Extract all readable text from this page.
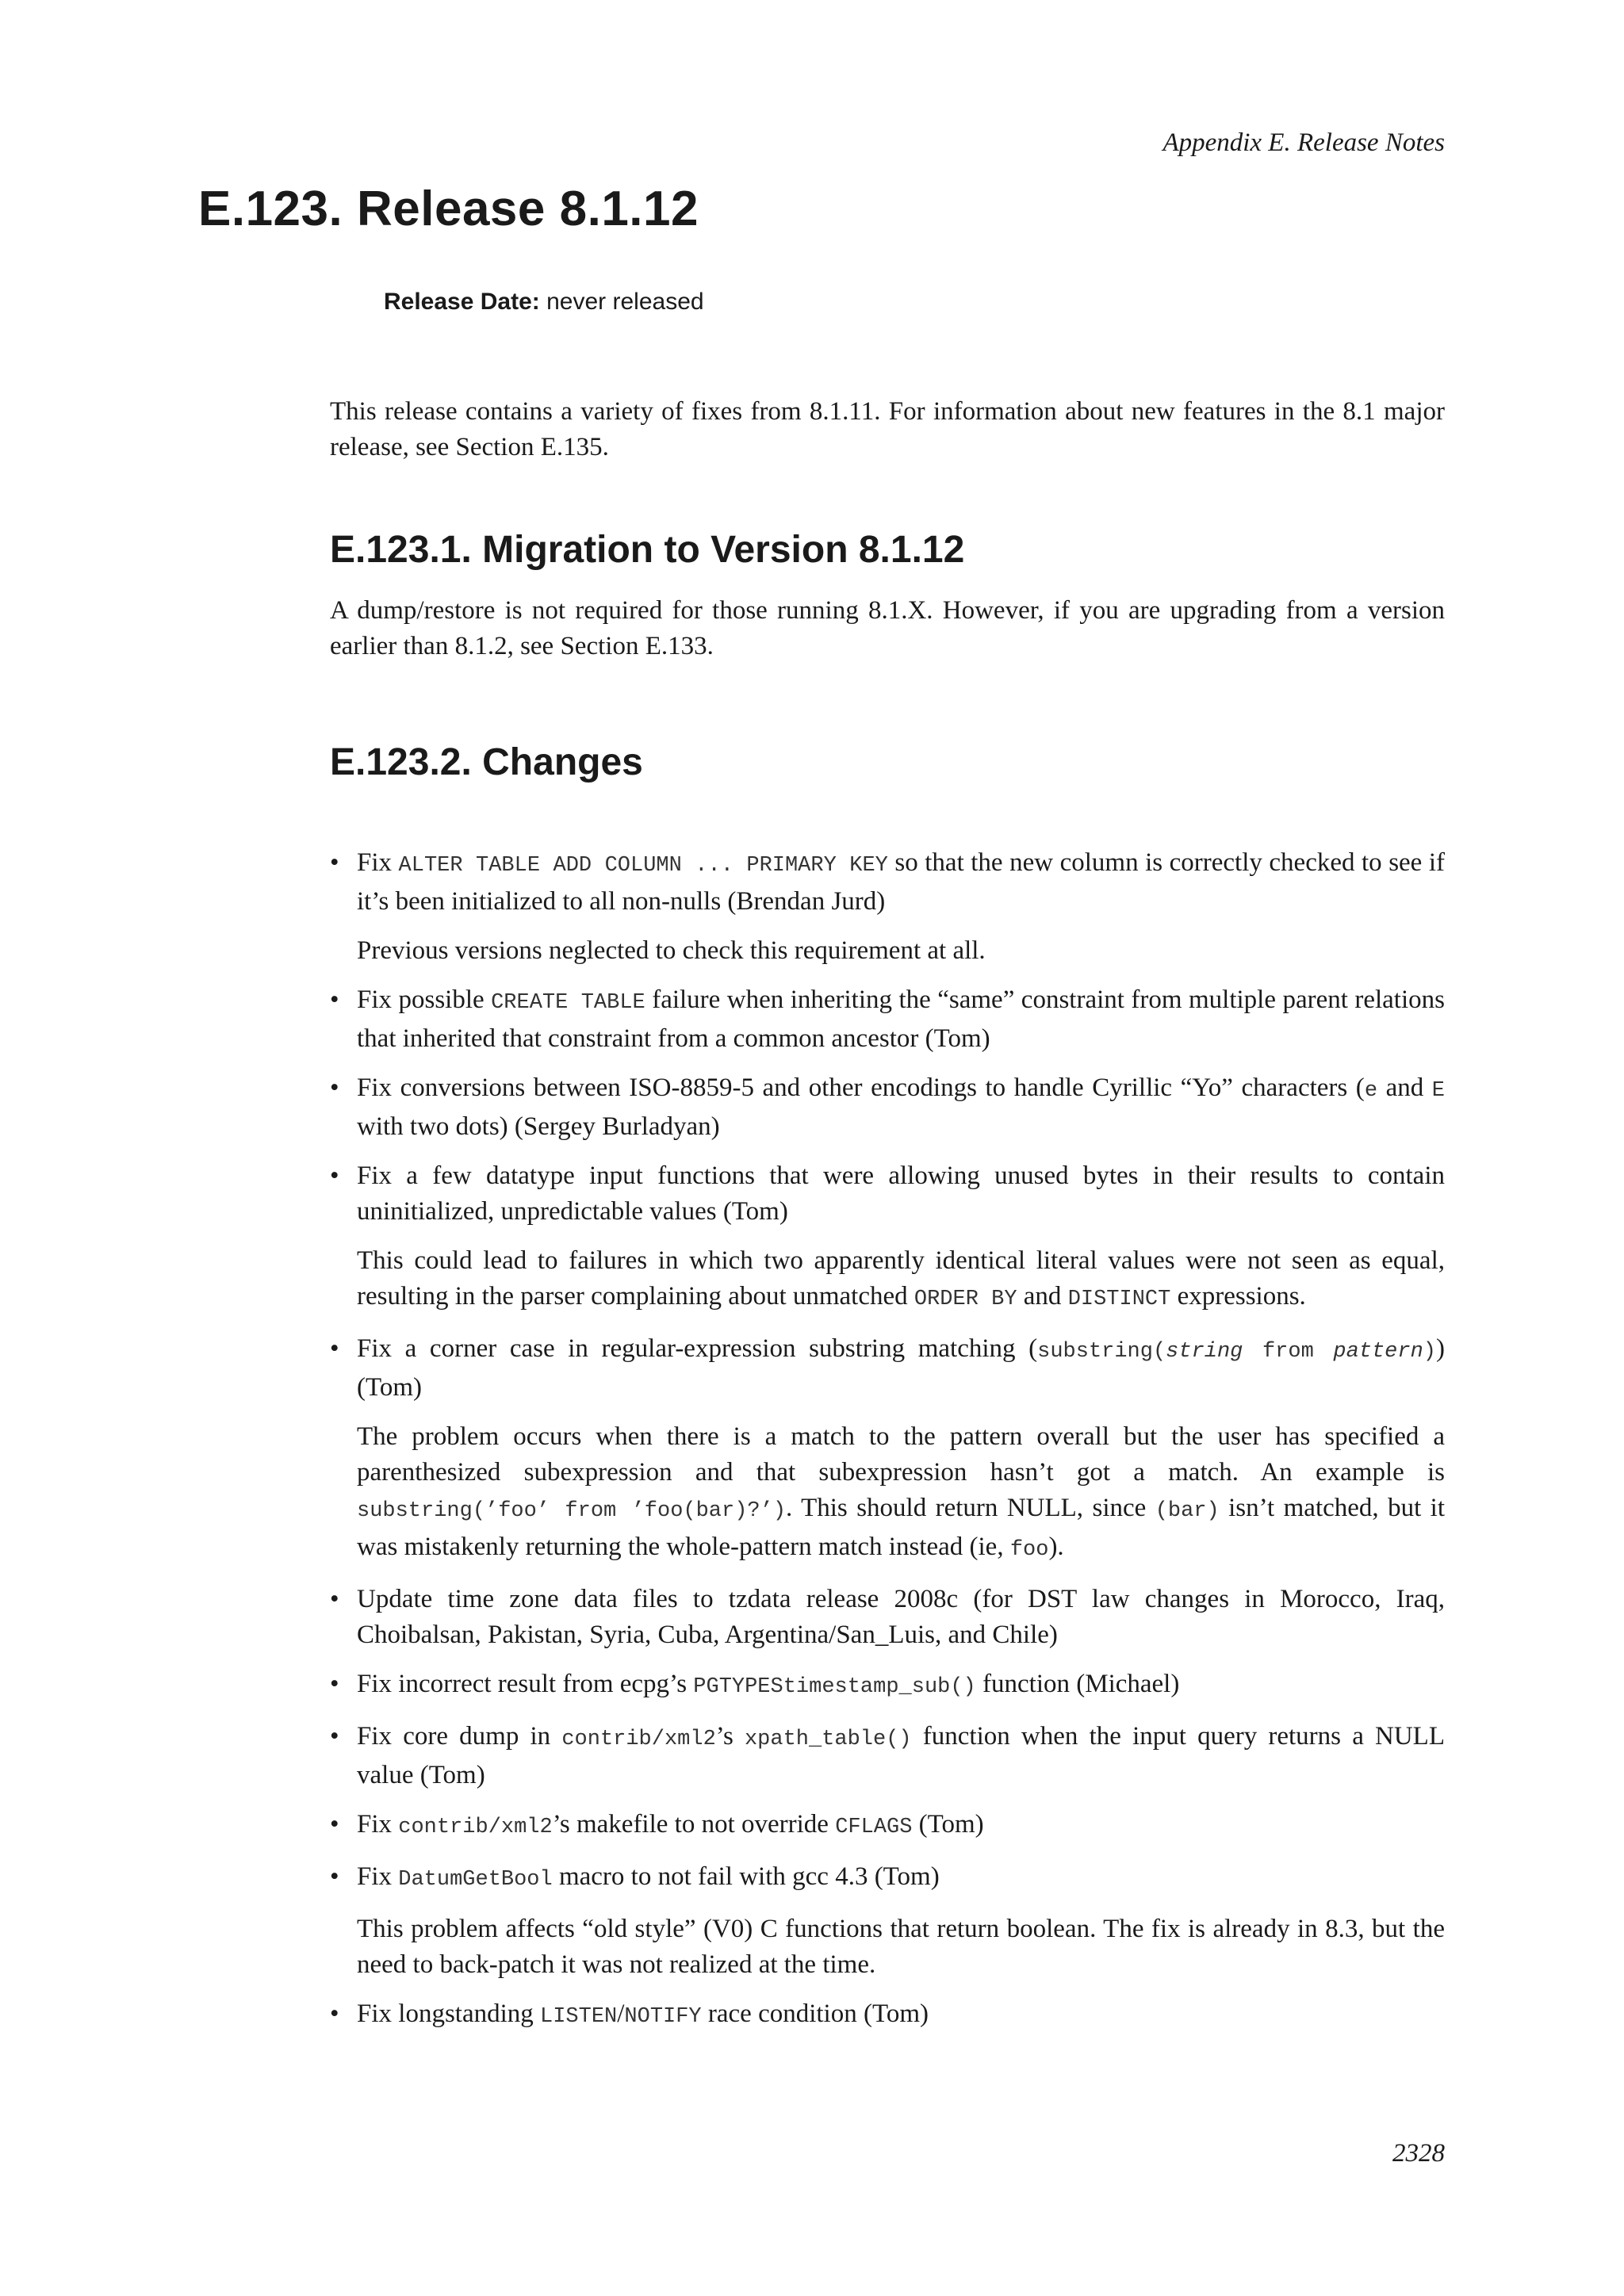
Appendix E. Release Notes
E.123. Release 8.1.12
Release Date: never released

This release contains a variety of fixes from 8.1.11. For information about new features in the 8.1 major release, see Section E.135.

E.123.1. Migration to Version 8.1.12

A dump/restore is not required for those running 8.1.X. However, if you are upgrading from a version earlier than 8.1.2, see Section E.133.

E.123.2. Changes
• Fix ALTER TABLE ADD COLUMN ... PRIMARY KEY so that the new column is correctly checked to see if it’s been initialized to all non-nulls (Brendan Jurd)

Previous versions neglected to check this requirement at all.

• Fix possible CREATE TABLE failure when inheriting the “same” constraint from multiple parent relations that inherited that constraint from a common ancestor (Tom)

• Fix conversions between ISO-8859-5 and other encodings to handle Cyrillic “Yo” characters (e and E with two dots) (Sergey Burladyan)

• Fix a few datatype input functions that were allowing unused bytes in their results to contain uninitialized, unpredictable values (Tom)

This could lead to failures in which two apparently identical literal values were not seen as equal, resulting in the parser complaining about unmatched ORDER BY and DISTINCT expressions.

• Fix a corner case in regular-expression substring matching (substring(string from pattern)) (Tom)

The problem occurs when there is a match to the pattern overall but the user has specified a parenthesized subexpression and that subexpression hasn’t got a match. An example is substring(’foo’ from ’foo(bar)?’). This should return NULL, since (bar) isn’t matched, but it was mistakenly returning the whole-pattern match instead (ie, foo).

• Update time zone data files to tzdata release 2008c (for DST law changes in Morocco, Iraq, Choibalsan, Pakistan, Syria, Cuba, Argentina/San_Luis, and Chile)

• Fix incorrect result from ecpg’s PGTYPEStimestamp_sub() function (Michael)

• Fix core dump in contrib/xml2’s xpath_table() function when the input query returns a NULL value (Tom)

• Fix contrib/xml2’s makefile to not override CFLAGS (Tom)

• Fix DatumGetBool macro to not fail with gcc 4.3 (Tom)

This problem affects “old style” (V0) C functions that return boolean. The fix is already in 8.3, but the need to back-patch it was not realized at the time.

• Fix longstanding LISTEN/NOTIFY race condition (Tom)

2328
